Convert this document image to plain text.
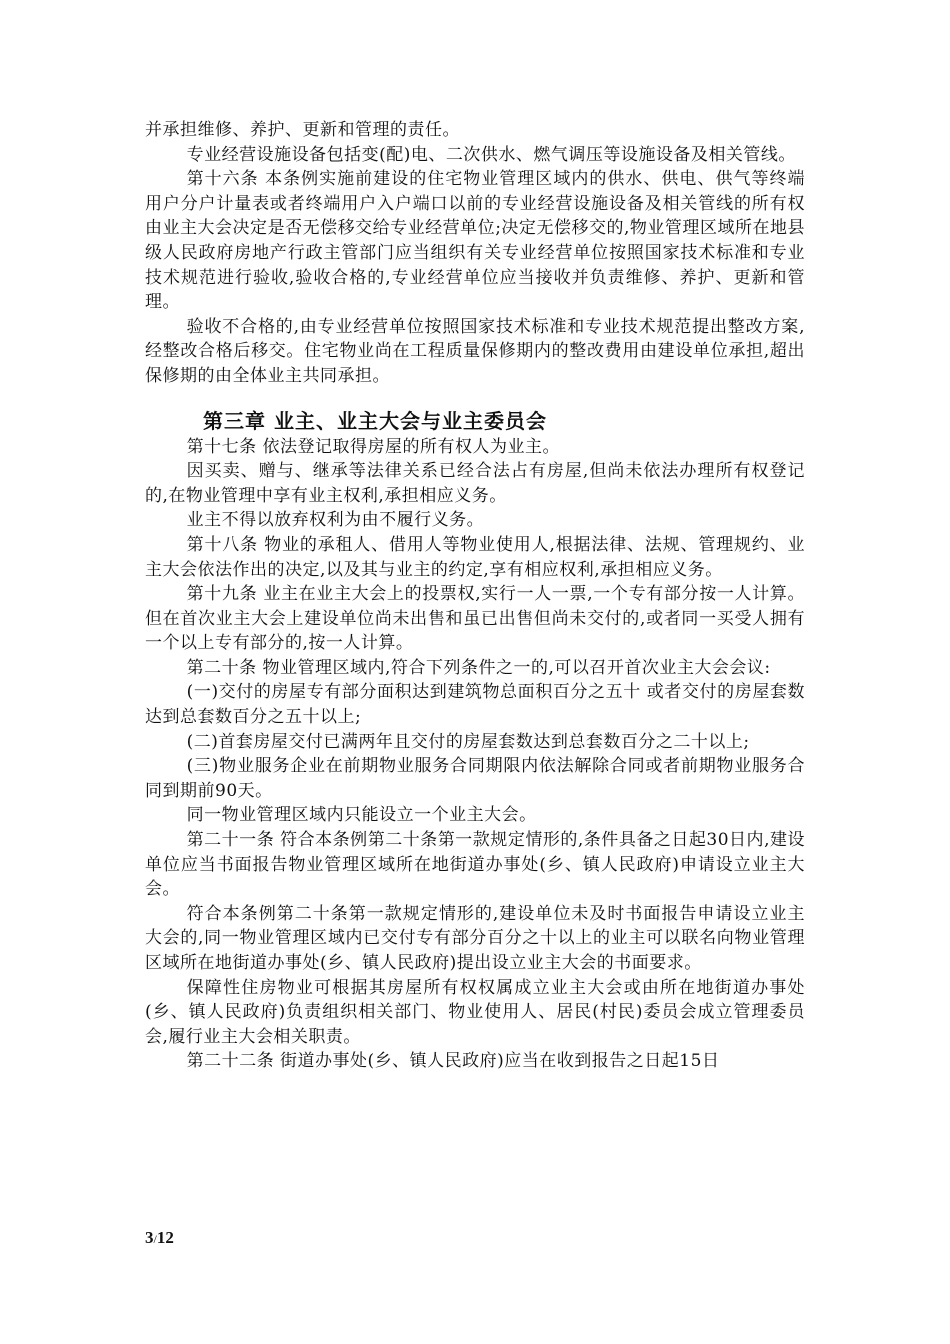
并承担维修、养护、更新和管理的责任。

专业经营设施设备包括变(配)电、二次供水、燃气调压等设施设备及相关管线。

第十六条 本条例实施前建设的住宅物业管理区域内的供水、供电、供气等终端用户分户计量表或者终端用户入户端口以前的专业经营设施设备及相关管线的所有权由业主大会决定是否无偿移交给专业经营单位;决定无偿移交的,物业管理区域所在地县级人民政府房地产行政主管部门应当组织有关专业经营单位按照国家技术标准和专业技术规范进行验收,验收合格的,专业经营单位应当接收并负责维修、养护、更新和管理。

验收不合格的,由专业经营单位按照国家技术标准和专业技术规范提出整改方案,经整改合格后移交。住宅物业尚在工程质量保修期内的整改费用由建设单位承担,超出保修期的由全体业主共同承担。

第三章 业主、业主大会与业主委员会

第十七条 依法登记取得房屋的所有权人为业主。

因买卖、赠与、继承等法律关系已经合法占有房屋,但尚未依法办理所有权登记的,在物业管理中享有业主权利,承担相应义务。

业主不得以放弃权利为由不履行义务。

第十八条 物业的承租人、借用人等物业使用人,根据法律、法规、管理规约、业主大会依法作出的决定,以及其与业主的约定,享有相应权利,承担相应义务。

第十九条 业主在业主大会上的投票权,实行一人一票,一个专有部分按一人计算。但在首次业主大会上建设单位尚未出售和虽已出售但尚未交付的,或者同一买受人拥有一个以上专有部分的,按一人计算。

第二十条 物业管理区域内,符合下列条件之一的,可以召开首次业主大会会议:

(一)交付的房屋专有部分面积达到建筑物总面积百分之五十 或者交付的房屋套数达到总套数百分之五十以上;

(二)首套房屋交付已满两年且交付的房屋套数达到总套数百分之二十以上;

(三)物业服务企业在前期物业服务合同期限内依法解除合同或者前期物业服务合同到期前90天。

同一物业管理区域内只能设立一个业主大会。

第二十一条 符合本条例第二十条第一款规定情形的,条件具备之日起30日内,建设单位应当书面报告物业管理区域所在地街道办事处(乡、镇人民政府)申请设立业主大会。

符合本条例第二十条第一款规定情形的,建设单位未及时书面报告申请设立业主大会的,同一物业管理区域内已交付专有部分百分之十以上的业主可以联名向物业管理区域所在地街道办事处(乡、镇人民政府)提出设立业主大会的书面要求。

保障性住房物业可根据其房屋所有权权属成立业主大会或由所在地街道办事处(乡、镇人民政府)负责组织相关部门、物业使用人、居民(村民)委员会成立管理委员会,履行业主大会相关职责。

第二十二条 街道办事处(乡、镇人民政府)应当在收到报告之日起15日

3/12
